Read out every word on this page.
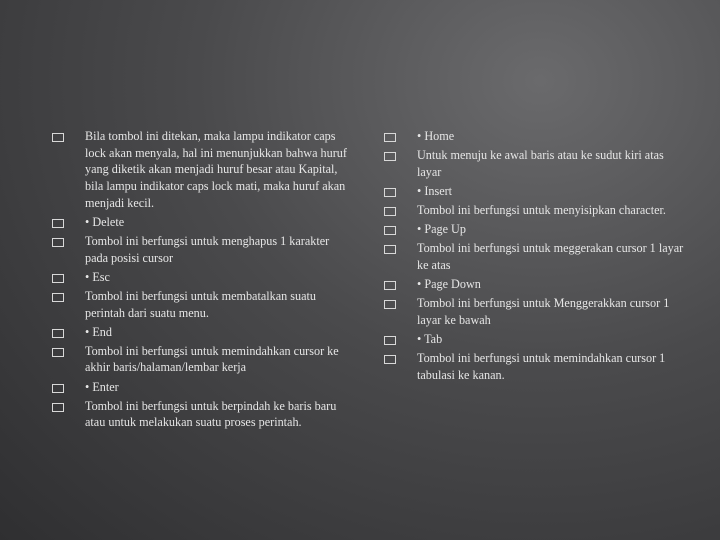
Bila tombol ini ditekan, maka lampu indikator caps lock akan menyala, hal ini menunjukkan bahwa huruf yang diketik akan menjadi huruf besar atau Kapital, bila lampu indikator caps lock mati, maka huruf akan menjadi kecil.
• Delete
Tombol ini berfungsi untuk menghapus 1 karakter pada posisi cursor
• Esc
Tombol ini berfungsi untuk membatalkan suatu perintah dari suatu menu.
• End
Tombol ini berfungsi untuk memindahkan cursor ke akhir baris/halaman/lembar kerja
• Enter
Tombol ini berfungsi untuk berpindah ke baris baru atau untuk melakukan suatu proses perintah.
• Home
Untuk menuju ke awal baris atau ke sudut kiri atas layar
• Insert
Tombol ini berfungsi untuk menyisipkan character.
• Page Up
Tombol ini berfungsi untuk meggerakan cursor 1 layar ke atas
• Page Down
Tombol ini berfungsi untuk Menggerakkan cursor 1 layar ke bawah
• Tab
Tombol ini berfungsi untuk memindahkan cursor 1 tabulasi ke kanan.
